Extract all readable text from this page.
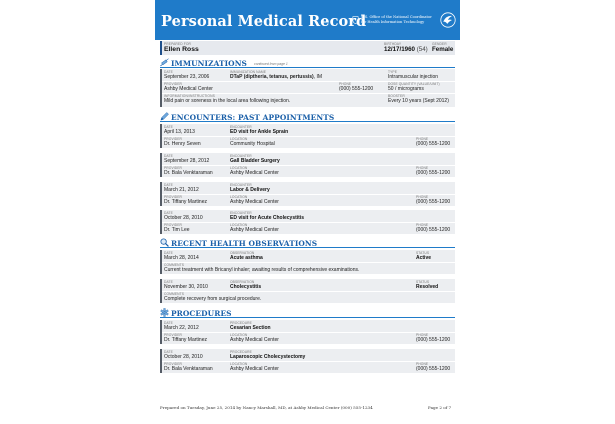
Personal Medical Record
U.S. Office of the National Coordinator
for Health Information Technology
PREPARED FOR
Ellen Ross
BIRTHDAY
12/17/1960 (54)
GENDER
Female
IMMUNIZATIONS continued from page 1
DATE
September 23, 2006
IMMUNIZATION NAME
DTaP (diptheria, tetanus, pertussis), IM
TYPE
Intramuscular injection
PROVIDER
Ashby Medical Center
PHONE
(000) 555-1200
DOSE QUANTITY (VALUE/UNIT)
50 / micrograms
INFORMATION/INSTRUCTIONS
Mild pain or soreness in the local area following injection.
BOOSTER
Every 10 years (Sept 2012)
ENCOUNTERS: PAST APPOINTMENTS
DATE
April 13, 2013
ENCOUNTER
ED visit for Ankle Sprain
PROVIDER
Dr. Henry Seven
LOCATION
Community Hospital
PHONE
(000) 555-1200
DATE
September 28, 2012
ENCOUNTER
Gall Bladder Surgery
PROVIDER
Dr. Bala Venktaraman
LOCATION
Ashby Medical Center
PHONE
(000) 555-1200
DATE
March 21, 2012
ENCOUNTER
Labor & Delivery
PROVIDER
Dr. Tiffany Martinez
LOCATION
Ashby Medical Center
PHONE
(000) 555-1200
DATE
October 28, 2010
ENCOUNTER
ED visit for Acute Cholecystitis
PROVIDER
Dr. Tim Lee
LOCATION
Ashby Medical Center
PHONE
(000) 555-1200
RECENT HEALTH OBSERVATIONS
DATE
March 28, 2014
OBSERVATION
Acute asthma
STATUS
Active
COMMENTS
Current treatment with Bricanyl inhaler; awaiting results of comprehensive examinations.
DATE
November 30, 2010
OBSERVATION
Cholecystitis
STATUS
Resolved
COMMENTS
Complete recovery from surgical procedure.
PROCEDURES
DATE
March 22, 2012
PROCEDURE
Cesarian Section
PROVIDER
Dr. Tiffany Martinez
LOCATION
Ashby Medical Center
PHONE
(000) 555-1200
DATE
October 28, 2010
PROCEDURE
Laparoscopic Cholecystectomy
PROVIDER
Dr. Bala Venktaraman
LOCATION
Ashby Medical Center
PHONE
(000) 555-1200
Prepared on Tuesday, June 25, 2014 by Nancy Marshall, MD, at Ashby Medical Center (000) 555-1234	Page 2 of 7
